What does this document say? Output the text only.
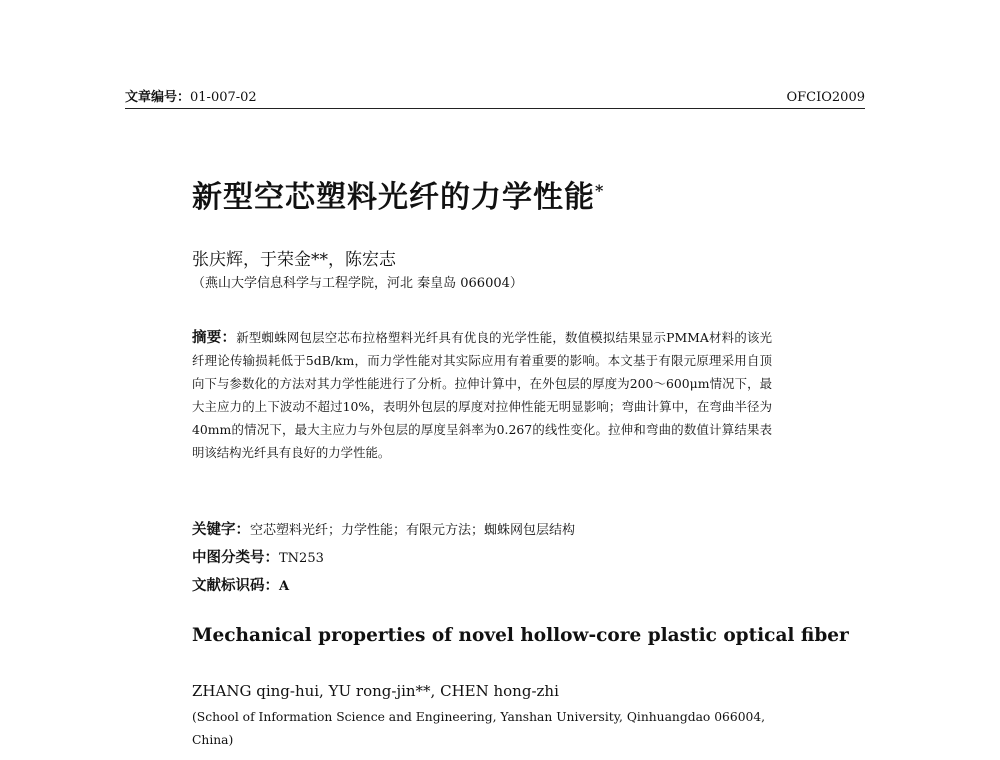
文章编号：01-007-02	OFCIO2009
新型空芯塑料光纤的力学性能*
张庆辉，于荣金**，陈宏志
（燕山大学信息科学与工程学院，河北 秦皇岛 066004）
摘要：新型蜘蛛网包层空芯布拉格塑料光纤具有优良的光学性能，数值模拟结果显示PMMA材料的该光纤理论传输损耗低于5dB/km，而力学性能对其实际应用有着重要的影响。本文基于有限元原理采用自顶向下与参数化的方法对其力学性能进行了分析。拉伸计算中，在外包层的厚度为200～600μm情况下，最大主应力的上下波动不超过10%，表明外包层的厚度对拉伸性能无明显影响；弯曲计算中，在弯曲半径为40mm的情况下，最大主应力与外包层的厚度呈斜率为0.267的线性变化。拉伸和弯曲的数值计算结果表明该结构光纤具有良好的力学性能。
关键字：空芯塑料光纤；力学性能；有限元方法；蜘蛛网包层结构
中图分类号：TN253
文献标识码：A
Mechanical properties of novel hollow-core plastic optical fiber
ZHANG qing-hui, YU rong-jin**, CHEN hong-zhi
(School of Information Science and Engineering, Yanshan University, Qinhuangdao 066004, China)
